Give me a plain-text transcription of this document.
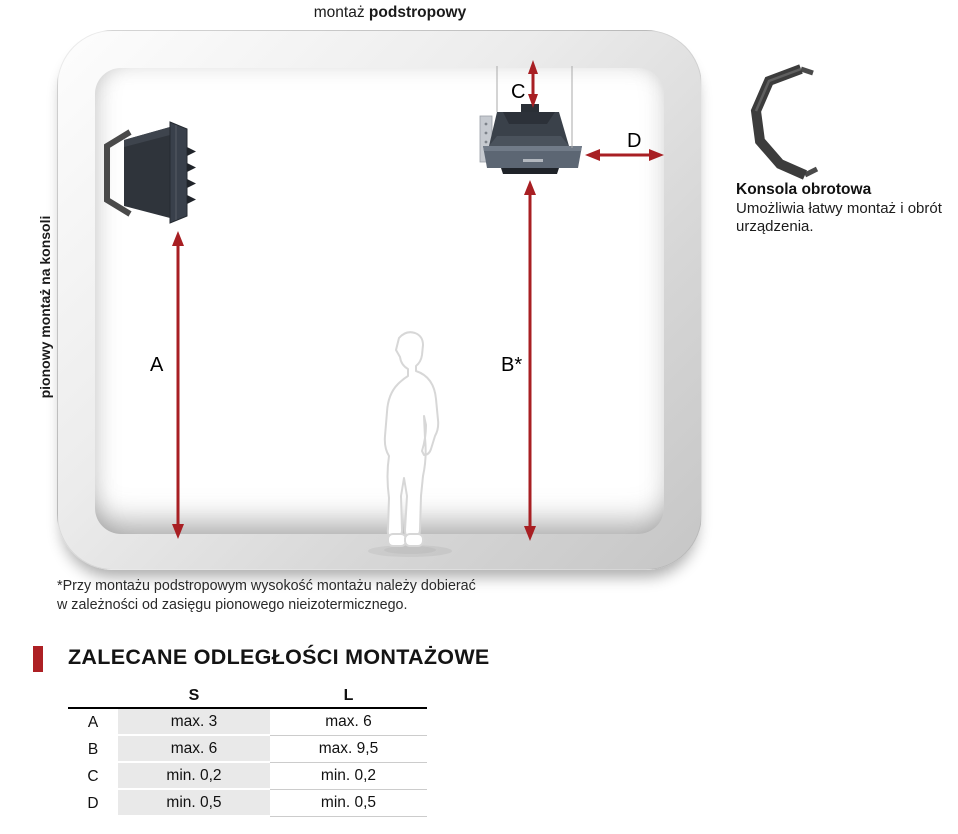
montaż podstropowy
pionowy montaż na konsoli	A	B*
C
D
Konsola obrotowa
Umożliwia łatwy montaż i obrót urządzenia.
*Przy montażu podstropowym wysokość montażu należy dobierać
w zależności od zasięgu pionowego nieizotermicznego.
ZALECANE ODLEGŁOŚCI MONTAŻOWE
	S	L
A	max. 3	max. 6
B	max. 6	max. 9,5
C	min. 0,2	min. 0,2
D	min. 0,5	min. 0,5
